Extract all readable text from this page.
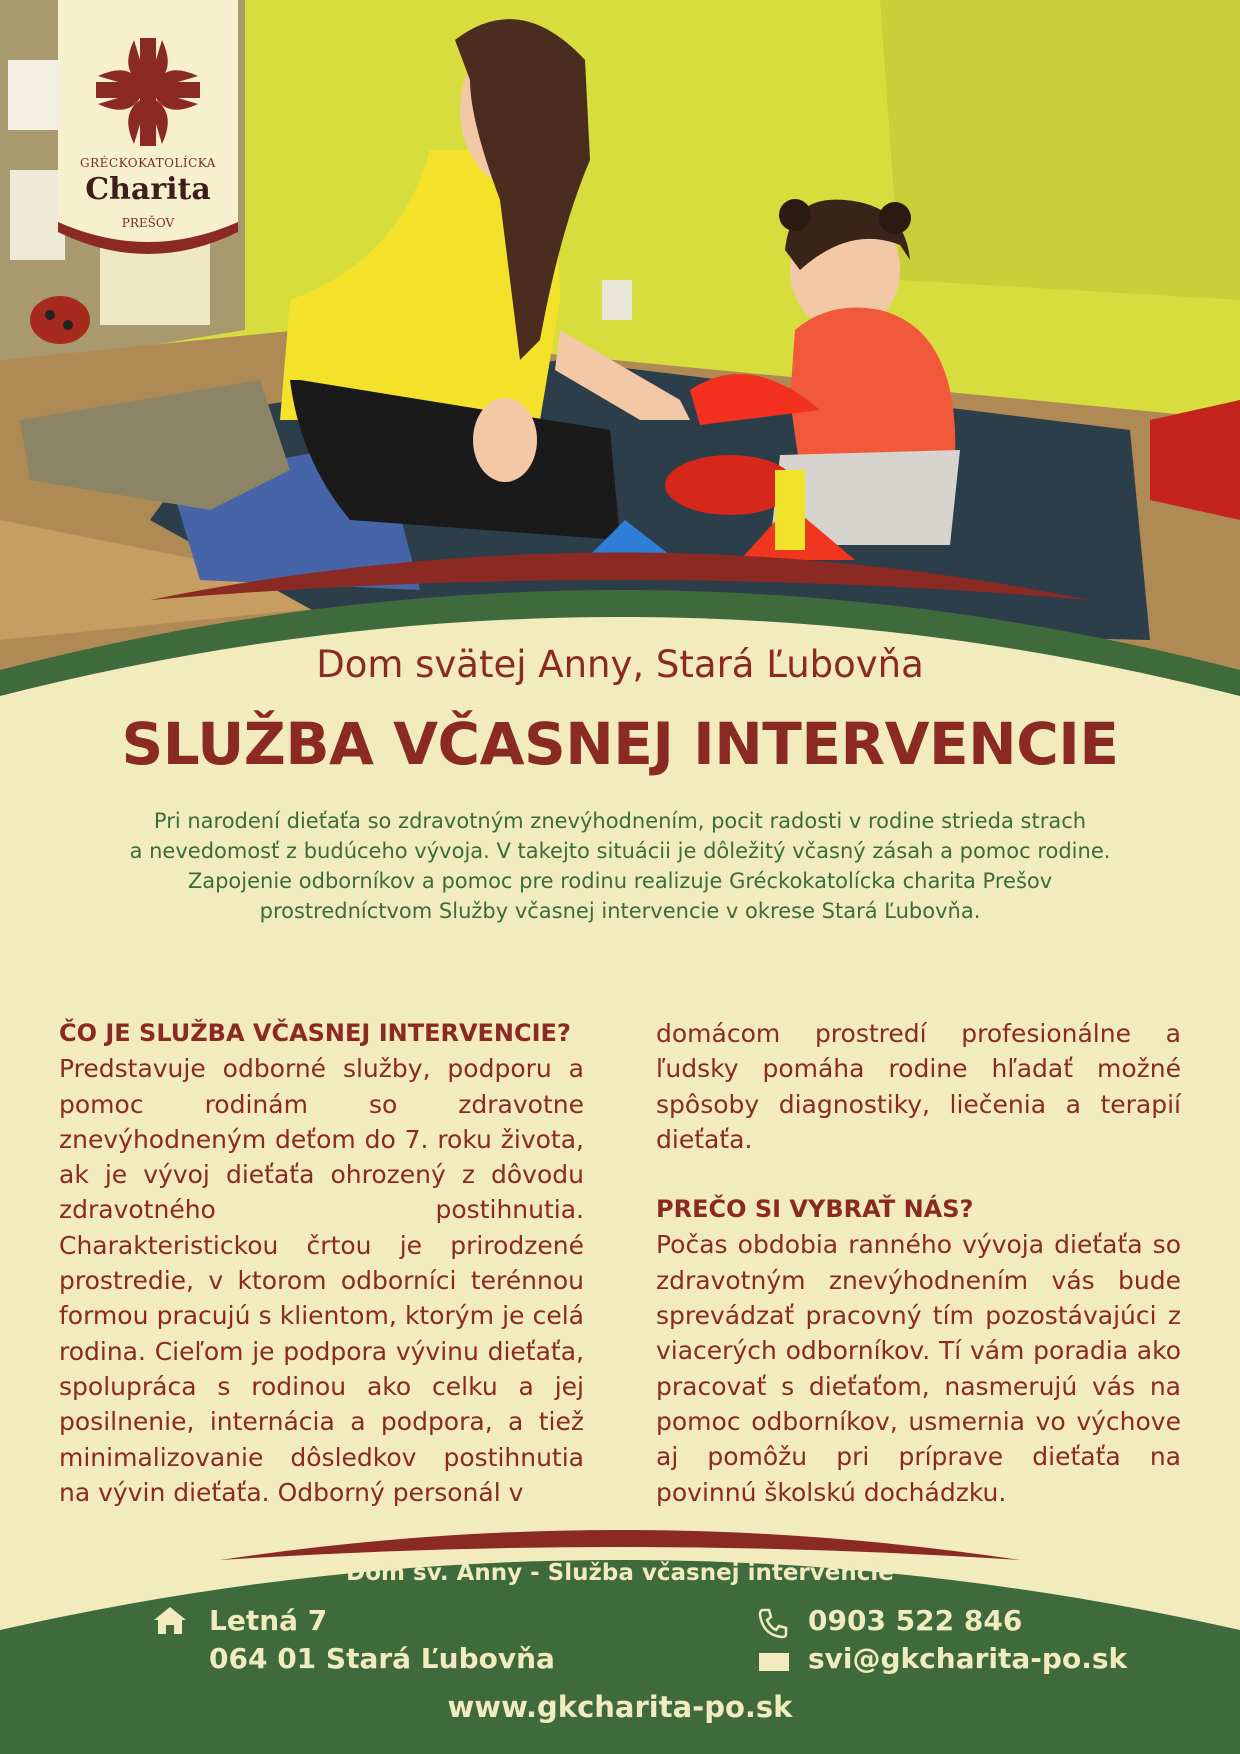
GRÉCKOKATOLÍCKA
Charita
PREŠOV
Dom svätej Anny, Stará Ľubovňa
SLUŽBA VČASNEJ INTERVENCIE
Pri narodení dieťaťa so zdravotným znevýhodnením, pocit radosti v rodine strieda strach
a nevedomosť z budúceho vývoja. V takejto situácii je dôležitý včasný zásah a pomoc rodine.
Zapojenie odborníkov a pomoc pre rodinu realizuje Gréckokatolícka charita Prešov
prostredníctvom Služby včasnej intervencie v okrese Stará Ľubovňa.
ČO JE SLUŽBA VČASNEJ INTERVENCIE?
Predstavuje odborné služby, podporu a pomoc rodinám so zdravotne znevýhodneným deťom do 7. roku života, ak je vývoj dieťaťa ohrozený z dôvodu zdravotného postihnutia. Charakteristickou črtou je prirodzené prostredie, v ktorom odborníci terénnou formou pracujú s klientom, ktorým je celá rodina. Cieľom je podpora vývinu dieťaťa, spolupráca s rodinou ako celku a jej posilnenie, internácia a podpora, a tiež minimalizovanie dôsledkov postihnutia na vývin dieťaťa. Odborný personál v
domácom prostredí profesionálne a ľudsky pomáha rodine hľadať možné spôsoby diagnostiky, liečenia a terapií dieťaťa.
PREČO SI VYBRAŤ NÁS?
Počas obdobia ranného vývoja dieťaťa so zdravotným znevýhodnením vás bude sprevádzať pracovný tím pozostávajúci z viacerých odborníkov. Tí vám poradia ako pracovať s dieťaťom, nasmerujú vás na pomoc odborníkov, usmernia vo výchove aj pomôžu pri príprave dieťaťa na povinnú školskú dochádzku.
Dom sv. Anny - Služba včasnej intervencie
Letná 7
064 01 Stará Ľubovňa
0903 522 846
svi@gkcharita-po.sk
www.gkcharita-po.sk
